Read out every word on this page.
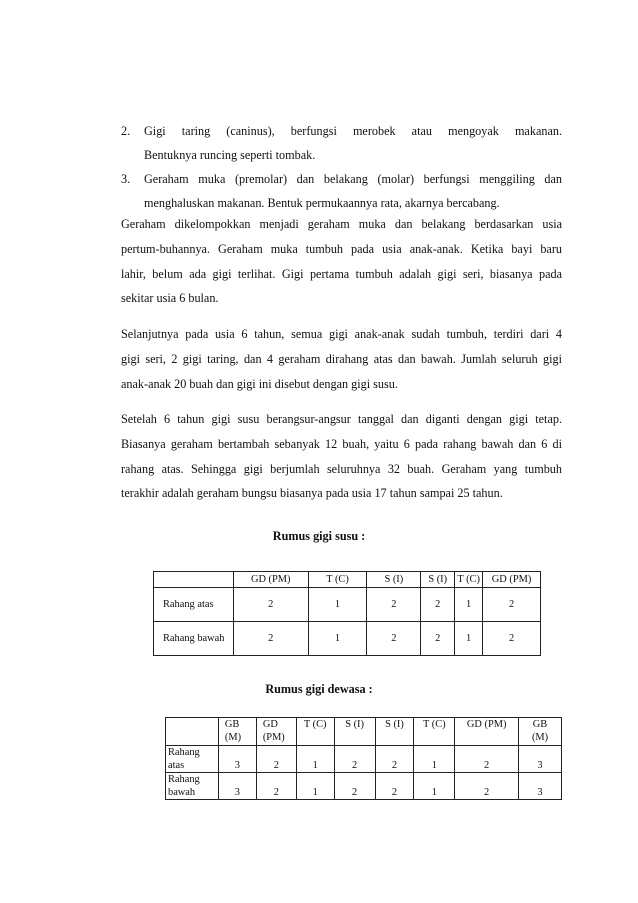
2. Gigi taring (caninus), berfungsi merobek atau mengoyak makanan.
Bentuknya runcing seperti tombak.
3. Geraham muka (premolar) dan belakang (molar) berfungsi menggiling dan
menghaluskan makanan. Bentuk permukaannya rata, akarnya bercabang.

Geraham dikelompokkan menjadi geraham muka dan belakang berdasarkan usia
pertum-buhannya. Geraham muka tumbuh pada usia anak-anak. Ketika bayi baru
lahir, belum ada gigi terlihat. Gigi pertama tumbuh adalah gigi seri, biasanya pada
sekitar usia 6 bulan.

Selanjutnya pada usia 6 tahun, semua gigi anak-anak sudah tumbuh, terdiri dari 4
gigi seri, 2 gigi taring, dan 4 geraham dirahang atas dan bawah. Jumlah seluruh gigi
anak-anak 20 buah dan gigi ini disebut dengan gigi susu.

Setelah 6 tahun gigi susu berangsur-angsur tanggal dan diganti dengan gigi tetap.
Biasanya geraham bertambah sebanyak 12 buah, yaitu 6 pada rahang bawah dan 6 di
rahang atas. Sehingga gigi berjumlah seluruhnya 32 buah. Geraham yang tumbuh
terakhir adalah geraham bungsu biasanya pada usia 17 tahun sampai 25 tahun.

Rumus gigi susu :
	GD (PM)	T (C)	S (I)	S (I)	T (C)	GD (PM)
Rahang atas	2	1	2	2	1	2
Rahang bawah	2	1	2	2	1	2
Rumus gigi dewasa :
	GB
(M)	GD
(PM)	T (C)	S (I)	S (I)	T (C)	GD (PM)	GB
(M)
Rahang
atas	3	2	1	2	2	1	2	3
Rahang
bawah	3	2	1	2	2	1	2	3
